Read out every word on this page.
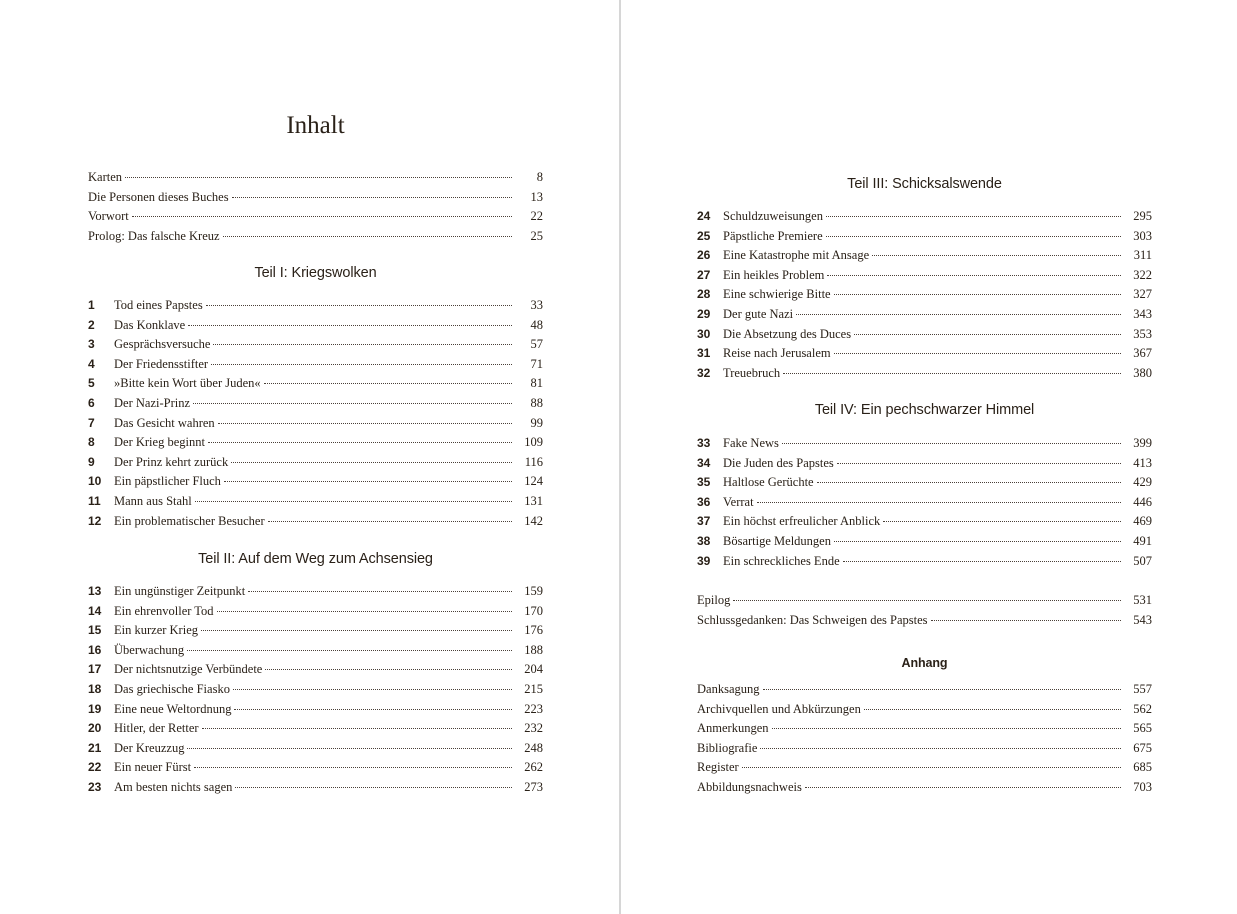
Inhalt
Karten	8
Die Personen dieses Buches	13
Vorwort	22
Prolog: Das falsche Kreuz	25
Teil I: Kriegswolken
1	Tod eines Papstes	33
2	Das Konklave	48
3	Gesprächsversuche	57
4	Der Friedensstifter	71
5	»Bitte kein Wort über Juden«	81
6	Der Nazi-Prinz	88
7	Das Gesicht wahren	99
8	Der Krieg beginnt	109
9	Der Prinz kehrt zurück	116
10	Ein päpstlicher Fluch	124
11	Mann aus Stahl	131
12	Ein problematischer Besucher	142
Teil II: Auf dem Weg zum Achsensieg
13	Ein ungünstiger Zeitpunkt	159
14	Ein ehrenvoller Tod	170
15	Ein kurzer Krieg	176
16	Überwachung	188
17	Der nichtsnutzige Verbündete	204
18	Das griechische Fiasko	215
19	Eine neue Weltordnung	223
20	Hitler, der Retter	232
21	Der Kreuzzug	248
22	Ein neuer Fürst	262
23	Am besten nichts sagen	273
Teil III: Schicksalswende
24	Schuldzuweisungen	295
25	Päpstliche Premiere	303
26	Eine Katastrophe mit Ansage	311
27	Ein heikles Problem	322
28	Eine schwierige Bitte	327
29	Der gute Nazi	343
30	Die Absetzung des Duces	353
31	Reise nach Jerusalem	367
32	Treuebruch	380
Teil IV: Ein pechschwarzer Himmel
33	Fake News	399
34	Die Juden des Papstes	413
35	Haltlose Gerüchte	429
36	Verrat	446
37	Ein höchst erfreulicher Anblick	469
38	Bösartige Meldungen	491
39	Ein schreckliches Ende	507
Epilog	531
Schlussgedanken: Das Schweigen des Papstes	543
Anhang
Danksagung	557
Archivquellen und Abkürzungen	562
Anmerkungen	565
Bibliografie	675
Register	685
Abbildungsnachweis	703
